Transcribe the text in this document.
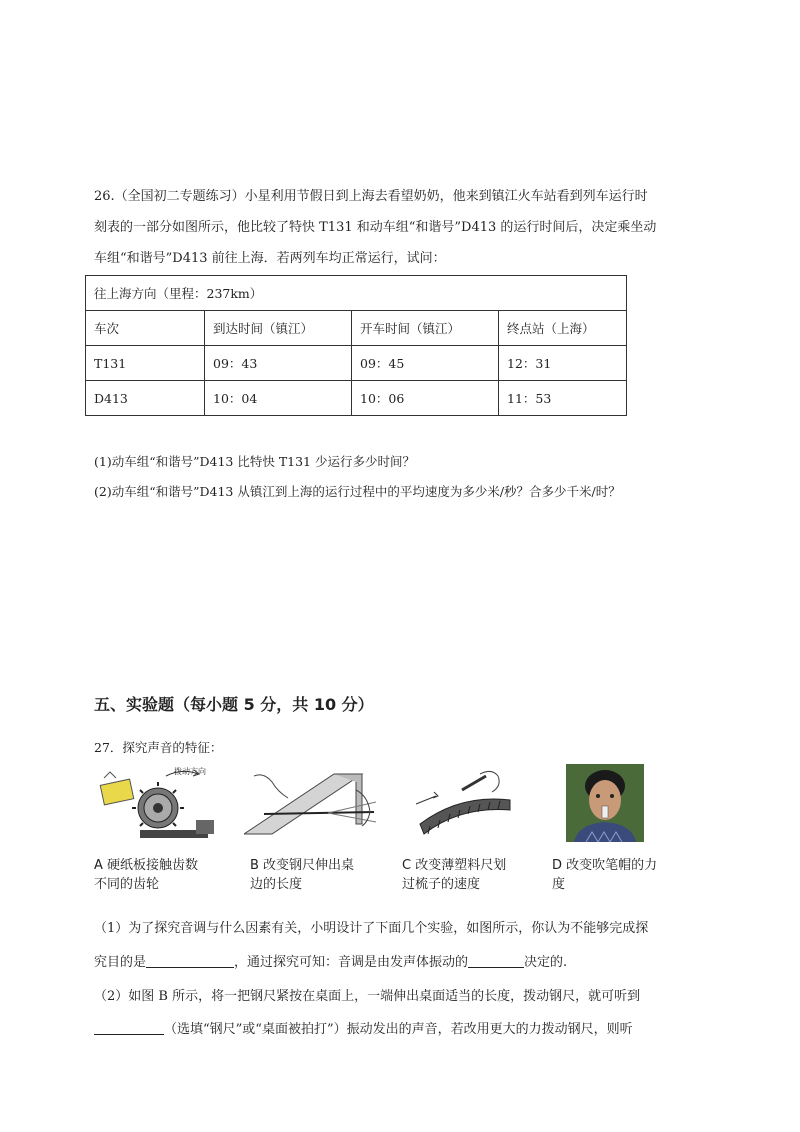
26.（全国初二专题练习）小星利用节假日到上海去看望奶奶，他来到镇江火车站看到列车运行时
刻表的一部分如图所示，他比较了特快 T131 和动车组“和谐号”D413 的运行时间后，决定乘坐动
车组“和谐号”D413 前往上海．若两列车均正常运行，试问：
往上海方向（里程：237km）			
车次	到达时间（镇江）	开车时间（镇江）	终点站（上海）
T131	09：43	09：45	12：31
D413	10：04	10：06	11：53
(1)动车组“和谐号”D413 比特快 T131 少运行多少时间？
(2)动车组“和谐号”D413 从镇江到上海的运行过程中的平均速度为多少米/秒？合多少千米/时？
五、实验题（每小题 5 分，共 10 分）
27．探究声音的特征：
拨动方向
A 硬纸板接触齿数
不同的齿轮
B 改变钢尺伸出桌
边的长度
C 改变薄塑料尺划
过梳子的速度
D 改变吹笔帽的力
度
（1）为了探究音调与什么因素有关，小明设计了下面几个实验，如图所示，你认为不能够完成探
究目的是	，通过探究可知：音调是由发声体振动的	决定的.
（2）如图 B 所示，将一把钢尺紧按在桌面上，一端伸出桌面适当的长度，拨动钢尺，就可听到
（选填“钢尺”或“桌面被拍打”）振动发出的声音，若改用更大的力拨动钢尺，则听
